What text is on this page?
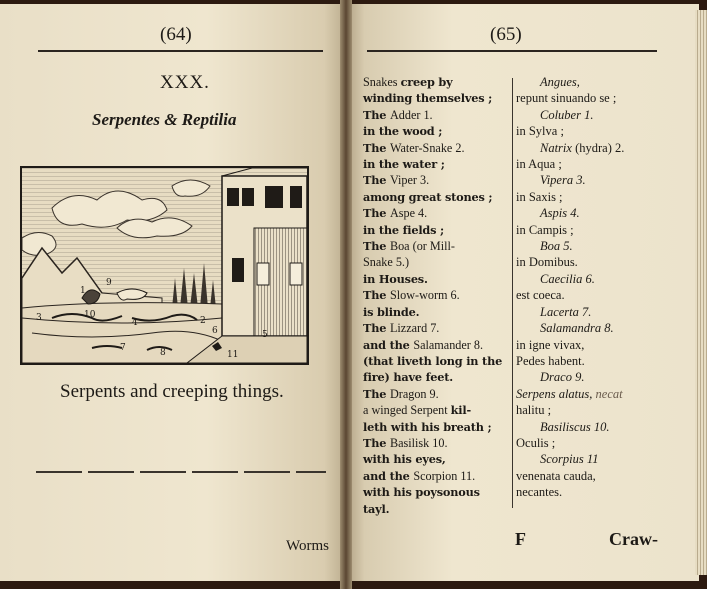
(64)
XXX.
Serpentes & Reptilia
1
2
3	4
5
6
7	8
9
10
11
Serpents and creeping things.
Worms
(65)
Snakes creep by
winding themselves ;
The Adder 1.
in the wood ;
The Water-Snake 2.
in the water ;
The Viper 3.
among great stones ;
The Aspe 4.
in the fields ;
The Boa (or Mill-
Snake 5.)
in Houses.
The Slow-worm 6.
is blinde.
The Lizzard 7.
and the Salamander 8.
(that liveth long in the
fire) have feet.
The Dragon 9.
a winged Serpent kil-
leth with his breath ;
The Basilisk 10.
with his eyes,
and the Scorpion 11.
with his poysonous
tayl.
Angues,
repunt sinuando se ;
Coluber 1.
in Sylva ;
Natrix (hydra) 2.
in Aqua ;
Vipera 3.
in Saxis ;
Aspis 4.
in Campis ;
Boa 5.
in Domibus.
Caecilia 6.
est coeca.
Lacerta 7.
Salamandra 8.
in igne vivax,
Pedes habent.
Draco 9.
Serpens alatus, necat
halitu ;
Basiliscus 10.
Oculis ;
Scorpius 11
venenata cauda,
necantes.
F	Craw-
